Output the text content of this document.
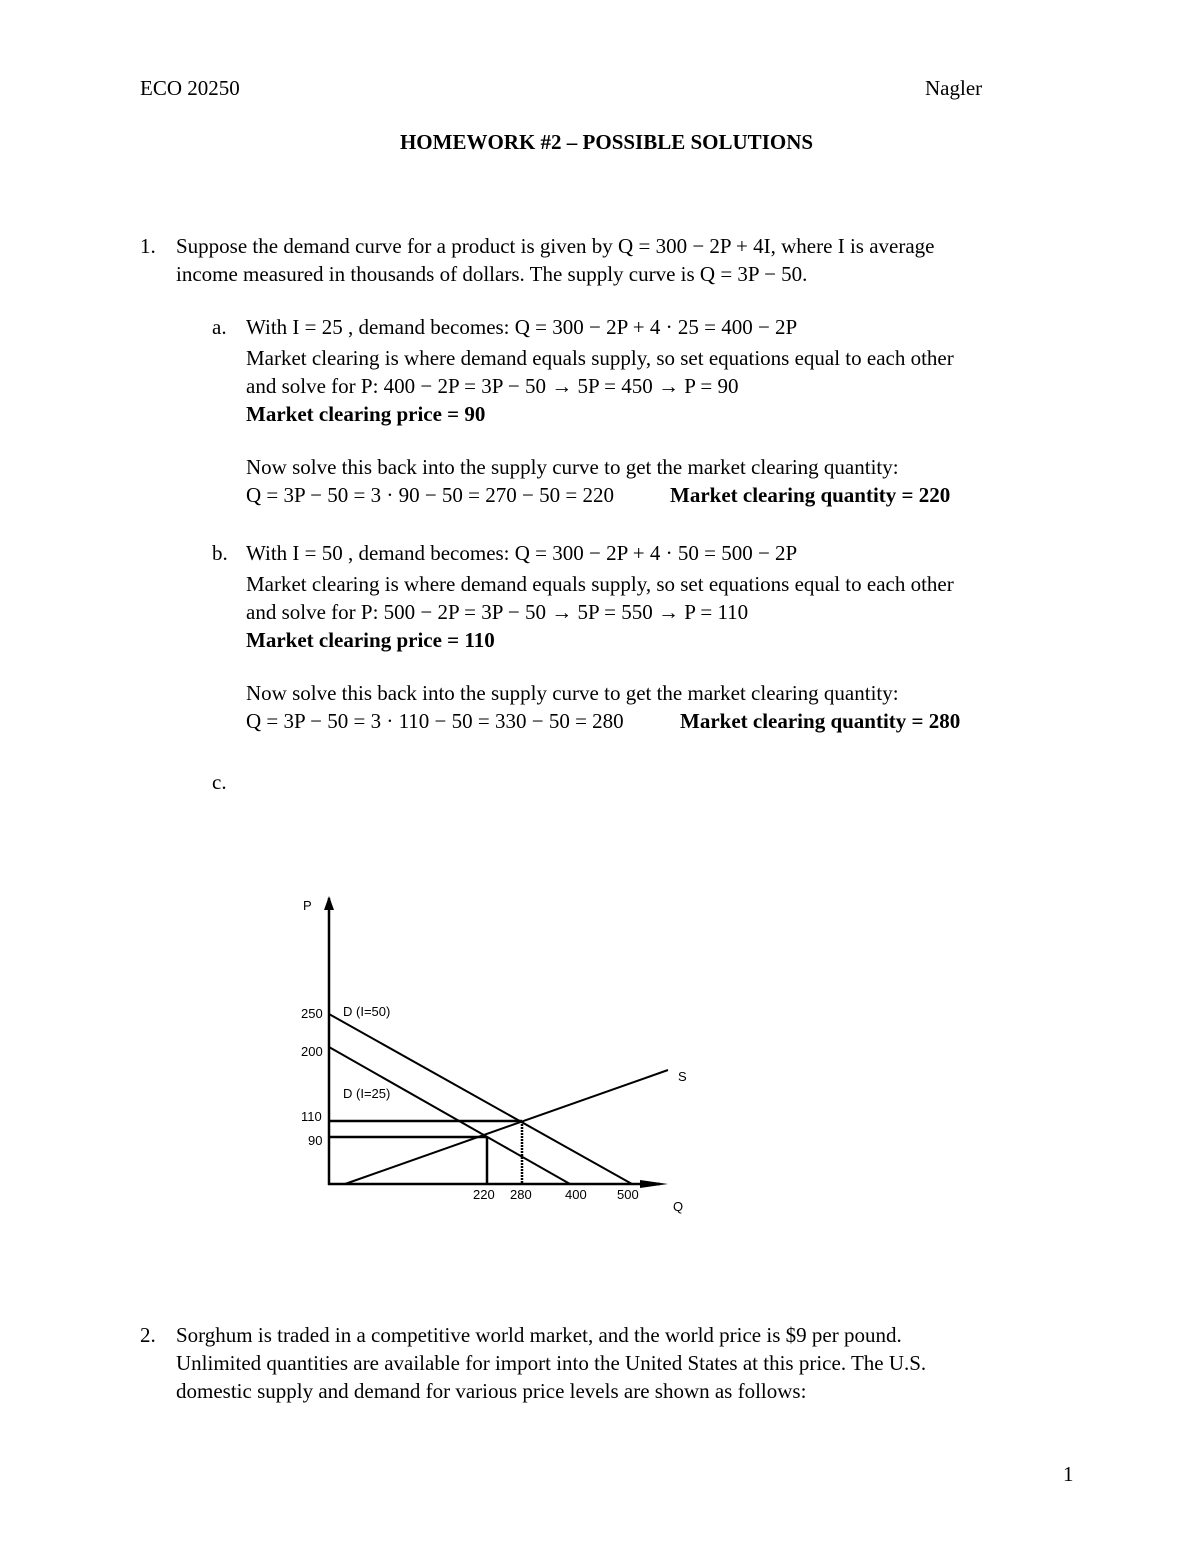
ECO 20250	Nagler
HOMEWORK #2 – POSSIBLE SOLUTIONS
1. Suppose the demand curve for a product is given by Q = 300 − 2P + 4I, where I is average
income measured in thousands of dollars. The supply curve is Q = 3P − 50.
a. With I = 25 , demand becomes: Q = 300 − 2P + 4 · 25 = 400 − 2P
Market clearing is where demand equals supply, so set equations equal to each other
and solve for P: 400 − 2P = 3P − 50 → 5P = 450 → P = 90
Market clearing price = 90
Now solve this back into the supply curve to get the market clearing quantity:
Q = 3P − 50 = 3 · 90 − 50 = 270 − 50 = 220	Market clearing quantity = 220
b. With I = 50 , demand becomes: Q = 300 − 2P + 4 · 50 = 500 − 2P
Market clearing is where demand equals supply, so set equations equal to each other
and solve for P: 500 − 2P = 3P − 50 → 5P = 550 → P = 110
Market clearing price = 110
Now solve this back into the supply curve to get the market clearing quantity:
Q = 3P − 50 = 3 · 110 − 50 = 330 − 50 = 280	Market clearing quantity = 280
c.
P
Q
250
200
110
90
220 280	400 500
D (I=50)
D (I=25)
S
2. Sorghum is traded in a competitive world market, and the world price is $9 per pound.
Unlimited quantities are available for import into the United States at this price. The U.S.
domestic supply and demand for various price levels are shown as follows:
1
